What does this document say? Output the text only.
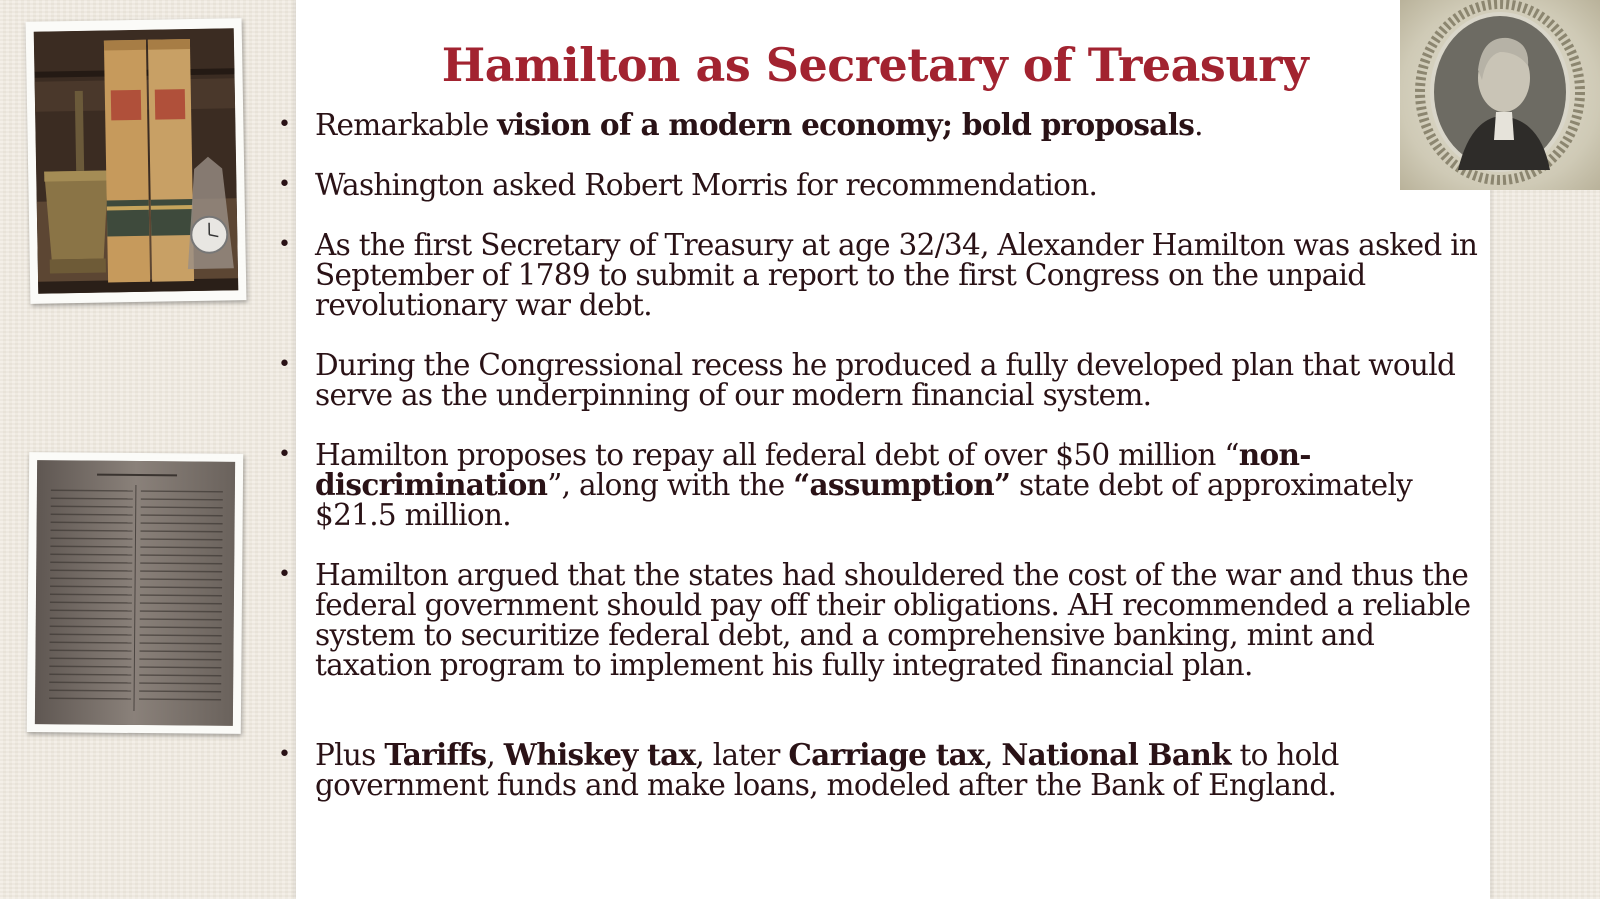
Hamilton as Secretary of Treasury
• Remarkable vision of a modern economy; bold proposals.
• Washington asked Robert Morris for recommendation.
• As the first Secretary of Treasury at age 32/34, Alexander Hamilton was asked in September of 1789 to submit a report to the first Congress on the unpaid revolutionary war debt.
• During the Congressional recess he produced a fully developed plan that would serve as the underpinning of our modern financial system.
• Hamilton proposes to repay all federal debt of over $50 million “non-discrimination”, along with the “assumption” state debt of approximately $21.5 million.
• Hamilton argued that the states had shouldered the cost of the war and thus the federal government should pay off their obligations. AH recommended a reliable system to securitize federal debt, and a comprehensive banking, mint and taxation program to implement his fully integrated financial plan.
• Plus Tariffs, Whiskey tax, later Carriage tax, National Bank to hold government funds and make loans, modeled after the Bank of England.
